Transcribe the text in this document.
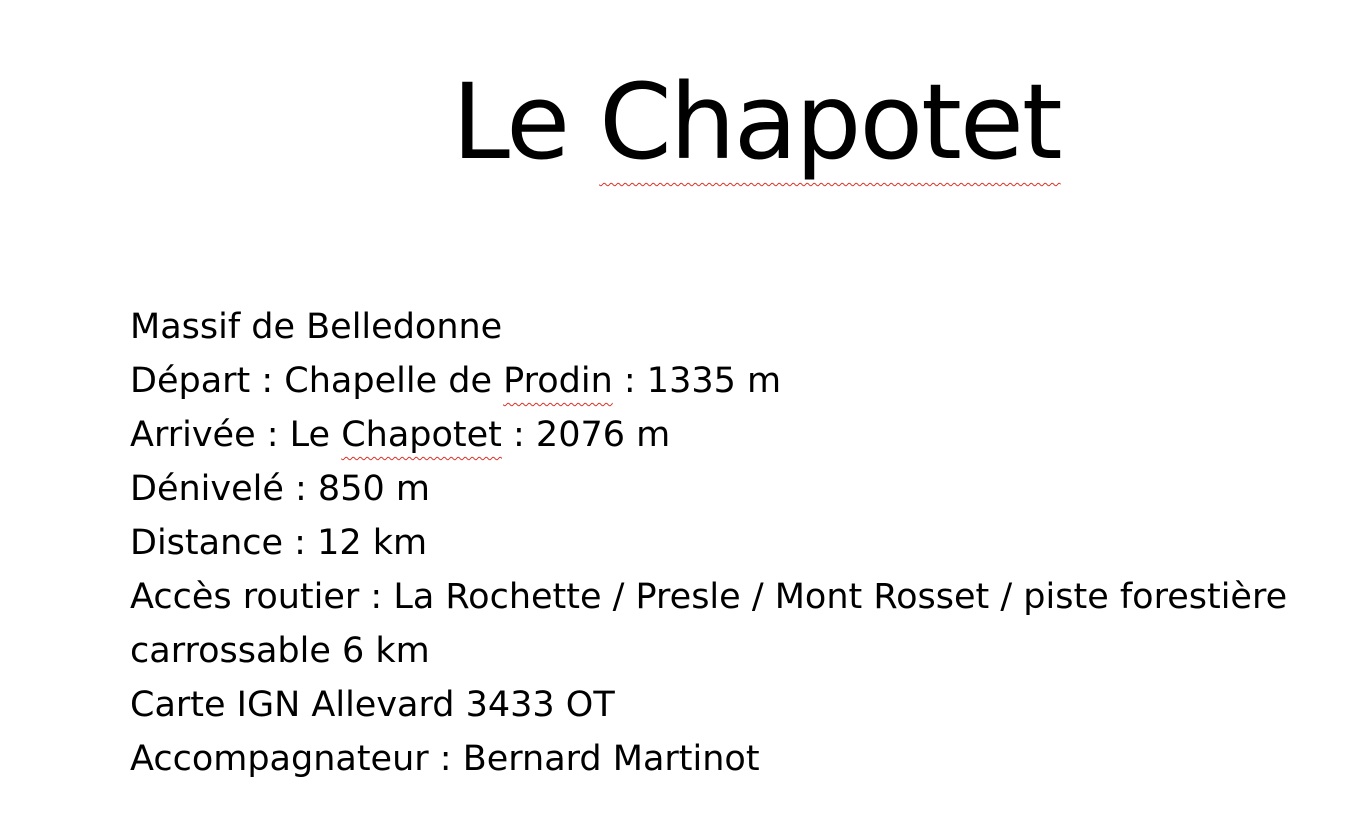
Le Chapotet
Massif de Belledonne
Départ : Chapelle de Prodin : 1335 m
Arrivée : Le Chapotet : 2076 m
Dénivelé : 850 m
Distance : 12 km
Accès routier : La Rochette / Presle / Mont Rosset / piste forestière
carrossable 6 km
Carte IGN Allevard 3433 OT
Accompagnateur : Bernard Martinot
